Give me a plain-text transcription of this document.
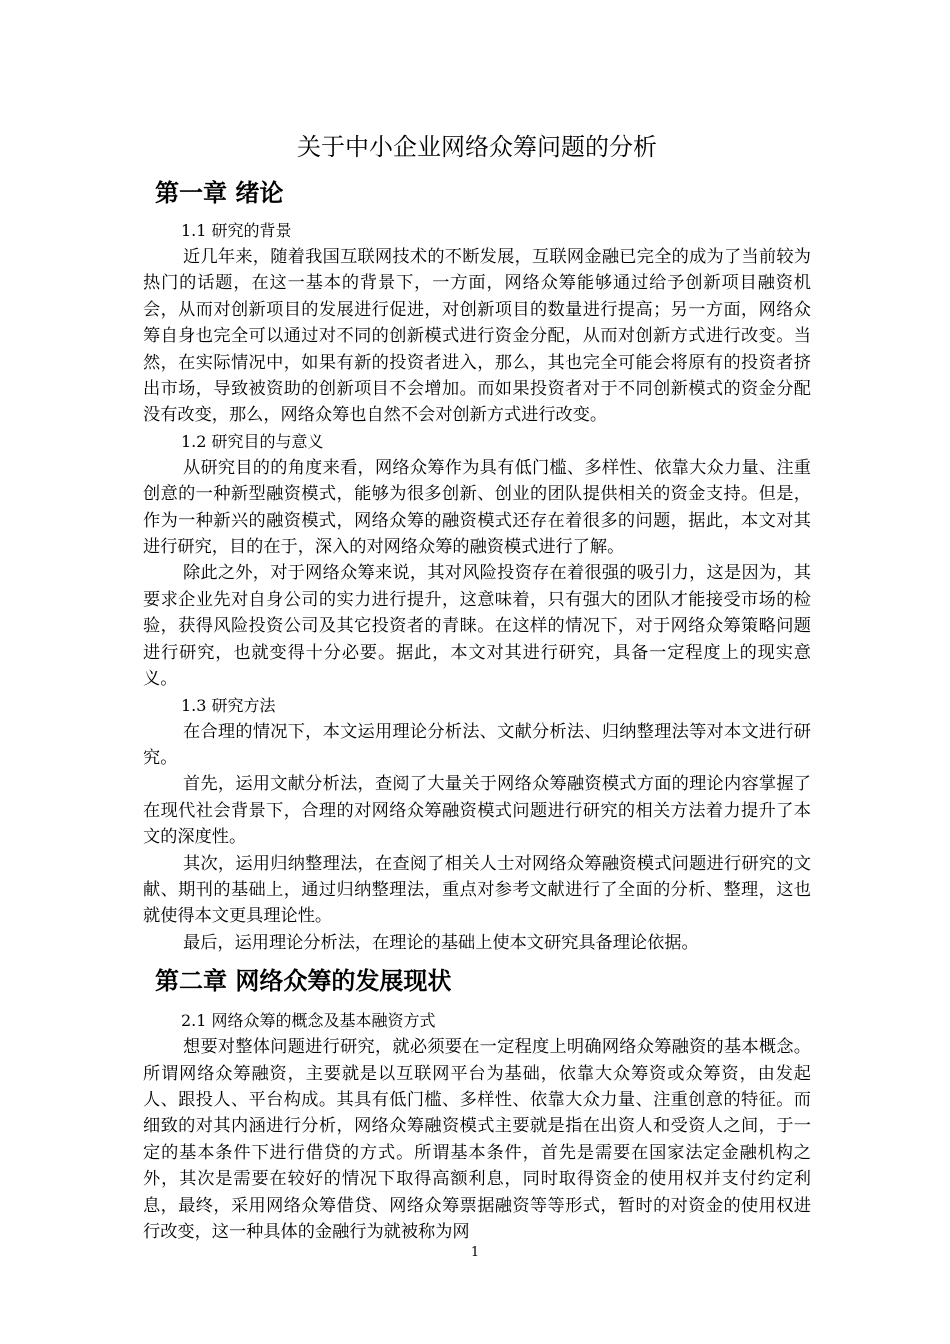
关于中小企业网络众筹问题的分析
第一章 绪论
1.1 研究的背景

近几年来，随着我国互联网技术的不断发展，互联网金融已完全的成为了当前较为热门的话题，在这一基本的背景下，一方面，网络众筹能够通过给予创新项目融资机会，从而对创新项目的发展进行促进，对创新项目的数量进行提高；另一方面，网络众筹自身也完全可以通过对不同的创新模式进行资金分配，从而对创新方式进行改变。当然，在实际情况中，如果有新的投资者进入，那么，其也完全可能会将原有的投资者挤出市场，导致被资助的创新项目不会增加。而如果投资者对于不同创新模式的资金分配没有改变，那么，网络众筹也自然不会对创新方式进行改变。

1.2 研究目的与意义

从研究目的的角度来看，网络众筹作为具有低门槛、多样性、依靠大众力量、注重创意的一种新型融资模式，能够为很多创新、创业的团队提供相关的资金支持。但是，作为一种新兴的融资模式，网络众筹的融资模式还存在着很多的问题，据此，本文对其进行研究，目的在于，深入的对网络众筹的融资模式进行了解。

除此之外，对于网络众筹来说，其对风险投资存在着很强的吸引力，这是因为，其要求企业先对自身公司的实力进行提升，这意味着，只有强大的团队才能接受市场的检验，获得风险投资公司及其它投资者的青睐。在这样的情况下，对于网络众筹策略问题进行研究，也就变得十分必要。据此，本文对其进行研究，具备一定程度上的现实意义。

1.3 研究方法

在合理的情况下，本文运用理论分析法、文献分析法、归纳整理法等对本文进行研究。

首先，运用文献分析法，查阅了大量关于网络众筹融资模式方面的理论内容掌握了在现代社会背景下，合理的对网络众筹融资模式问题进行研究的相关方法着力提升了本文的深度性。

其次，运用归纳整理法，在查阅了相关人士对网络众筹融资模式问题进行研究的文献、期刊的基础上，通过归纳整理法，重点对参考文献进行了全面的分析、整理，这也就使得本文更具理论性。

最后，运用理论分析法，在理论的基础上使本文研究具备理论依据。

第二章 网络众筹的发展现状
2.1 网络众筹的概念及基本融资方式

想要对整体问题进行研究，就必须要在一定程度上明确网络众筹融资的基本概念。所谓网络众筹融资，主要就是以互联网平台为基础，依靠大众筹资或众筹资，由发起人、跟投人、平台构成。其具有低门槛、多样性、依靠大众力量、注重创意的特征。而细致的对其内涵进行分析，网络众筹融资模式主要就是指在出资人和受资人之间，于一定的基本条件下进行借贷的方式。所谓基本条件，首先是需要在国家法定金融机构之外，其次是需要在较好的情况下取得高额利息，同时取得资金的使用权并支付约定利息，最终，采用网络众筹借贷、网络众筹票据融资等等形式，暂时的对资金的使用权进行改变，这一种具体的金融行为就被称为网

1
